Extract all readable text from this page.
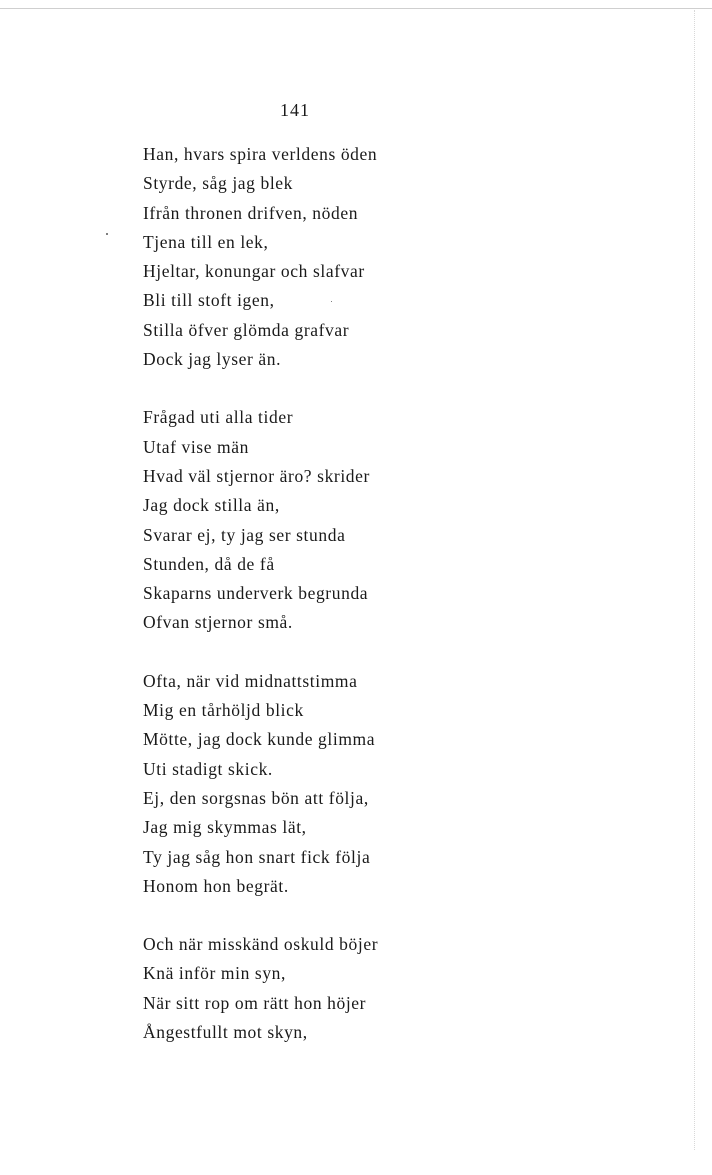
141
Han, hvars spira verldens öden
Styrde, såg jag blek
Ifrån thronen drifven, nöden
Tjena till en lek,
Hjeltar, konungar och slafvar
Bli till stoft igen,
Stilla öfver glömda grafvar
Dock jag lyser än.
Frågad uti alla tider
Utaf vise män
Hvad väl stjernor äro? skrider
Jag dock stilla än,
Svarar ej, ty jag ser stunda
Stunden, då de få
Skaparns underverk begrunda
Ofvan stjernor små.
Ofta, när vid midnattstimma
Mig en tårhöljd blick
Mötte, jag dock kunde glimma
Uti stadigt skick.
Ej, den sorgsnas bön att följa,
Jag mig skymmas lät,
Ty jag såg hon snart fick följa
Honom hon begrät.
Och när misskänd oskuld böjer
Knä inför min syn,
När sitt rop om rätt hon höjer
Ångestfullt mot skyn,
